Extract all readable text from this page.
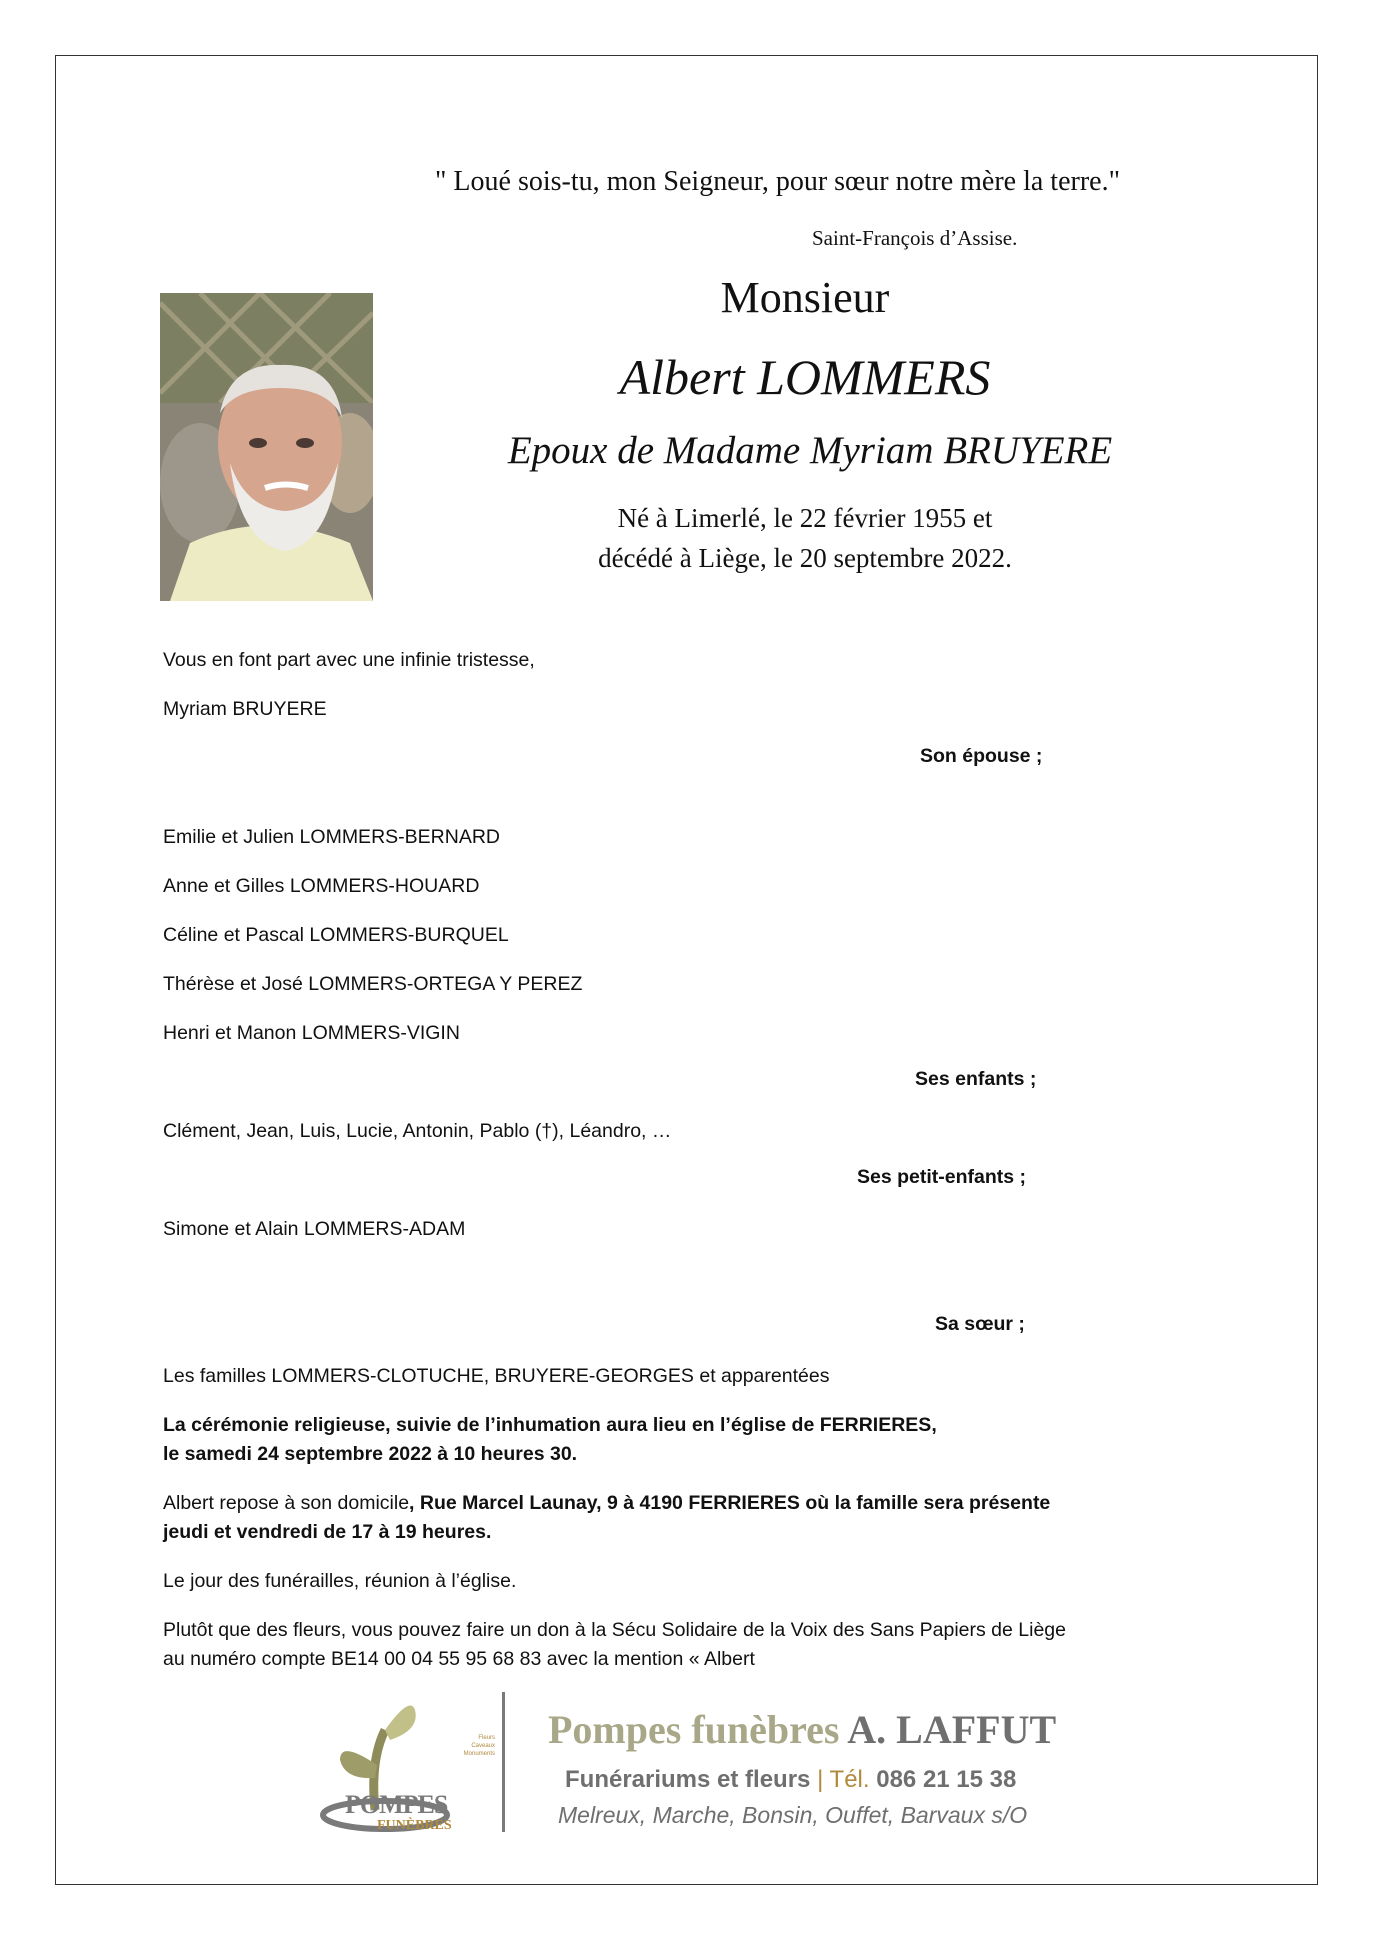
" Loué sois-tu, mon Seigneur, pour sœur notre mère la terre."
Saint-François d’Assise.
Monsieur
Albert LOMMERS
Epoux de Madame Myriam BRUYERE
Né à Limerlé, le 22 février 1955 et
décédé à Liège, le 20 septembre 2022.
Vous en font part avec une infinie tristesse,
Myriam BRUYERE
Son épouse ;
Emilie et Julien LOMMERS-BERNARD
Anne et Gilles LOMMERS-HOUARD
Céline et Pascal LOMMERS-BURQUEL
Thérèse et José LOMMERS-ORTEGA Y PEREZ
Henri et Manon LOMMERS-VIGIN
Ses enfants ;
Clément, Jean, Luis, Lucie, Antonin, Pablo (†), Léandro, …
Ses petit-enfants ;
Simone et Alain LOMMERS-ADAM
Sa sœur ;
Les familles LOMMERS-CLOTUCHE, BRUYERE-GEORGES et apparentées
La cérémonie religieuse, suivie de l’inhumation aura lieu en l’église de FERRIERES,
le samedi 24 septembre 2022 à 10 heures 30.
Albert repose à son domicile, Rue Marcel Launay, 9 à 4190 FERRIERES où la famille sera présente
jeudi et vendredi de 17 à 19 heures.
Le jour des funérailles, réunion à l’église.
Plutôt que des fleurs, vous pouvez faire un don à la Sécu Solidaire de la Voix des Sans Papiers de Liège
au numéro compte BE14 00 04 55 95 68 83 avec la mention « Albert
Fleurs
Caveaux
Monuments
POMPES
FUNÈBRES
Pompes funèbres A. LAFFUT
Funérariums et fleurs | Tél. 086 21 15 38
Melreux, Marche, Bonsin, Ouffet, Barvaux s/O
